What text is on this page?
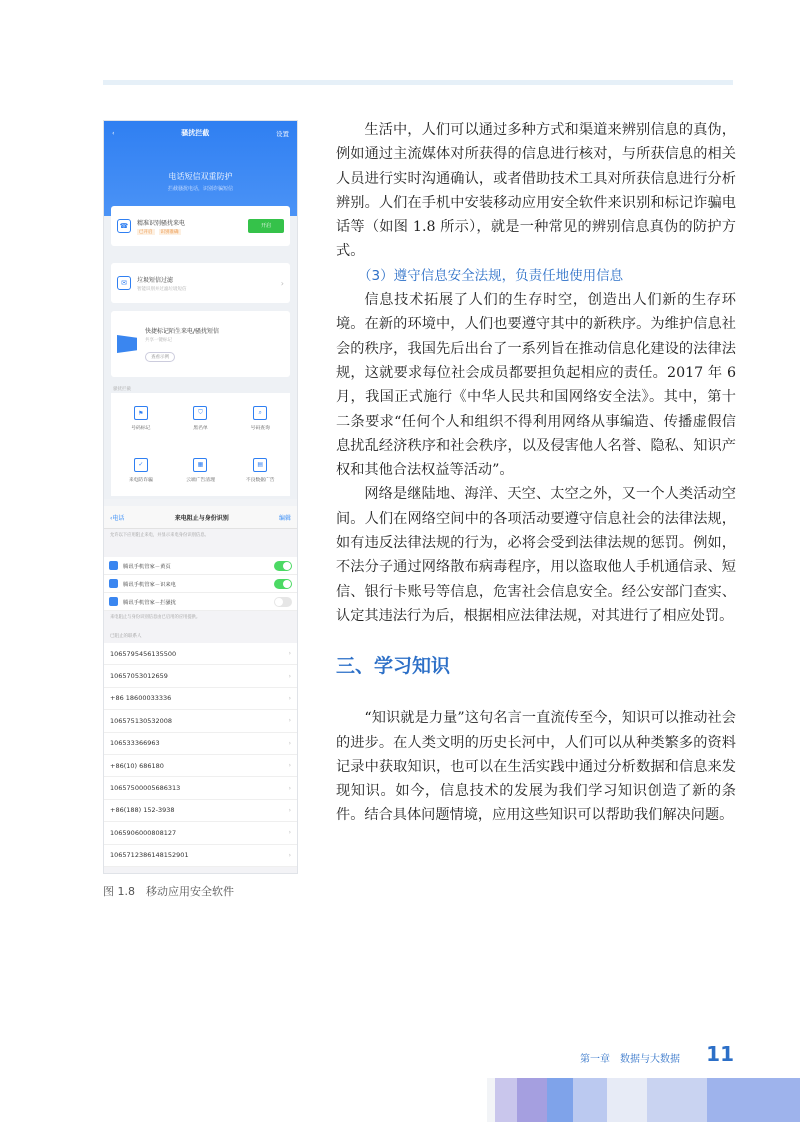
‹	骚扰拦截	设置
电话短信双重防护
拦截骚扰电话，识别诈骗短信
☎	精准识别骚扰来电
已开启	识别准确
开启
✉	垃圾短信过滤
智能识别并过滤垃圾短信
›
快捷标记陌生来电/骚扰短信
共享一键标记
查看示例
骚扰拦截
⚑
号码标记
⛉
黑名单
⌕
号码查询
✓
来电防诈骗
▦
云端广告清理
▤
不良数据广告
‹电话	来电阻止与身份识别	编辑
允许以下应用阻止来电，并显示来电身份识别信息。
腾讯手机管家－黄页
腾讯手机管家－识来电
腾讯手机管家－拦骚扰
来电阻止与身份识别信息由已启用的应用提供。
已阻止的联系人
1065795456135500	›
10657053012659	›
+86 18600033336	›
106575130532008	›
106533366963	›
+86(10) 686180	›
10657500005686313	›
+86(188) 152-3938	›
1065906000808127	›
1065712386148152901	›
图 1.8　移动应用安全软件

生活中，人们可以通过多种方式和渠道来辨别信息的真伪，例如通过主流媒体对所获得的信息进行核对，与所获信息的相关人员进行实时沟通确认，或者借助技术工具对所获信息进行分析辨别。人们在手机中安装移动应用安全软件来识别和标记诈骗电话等（如图 1.8 所示），就是一种常见的辨别信息真伪的防护方式。

（3）遵守信息安全法规，负责任地使用信息

信息技术拓展了人们的生存时空，创造出人们新的生存环境。在新的环境中，人们也要遵守其中的新秩序。为维护信息社会的秩序，我国先后出台了一系列旨在推动信息化建设的法律法规，这就要求每位社会成员都要担负起相应的责任。2017 年 6 月，我国正式施行《中华人民共和国网络安全法》。其中，第十二条要求“任何个人和组织不得利用网络从事编造、传播虚假信息扰乱经济秩序和社会秩序，以及侵害他人名誉、隐私、知识产权和其他合法权益等活动”。

网络是继陆地、海洋、天空、太空之外，又一个人类活动空间。人们在网络空间中的各项活动要遵守信息社会的法律法规，如有违反法律法规的行为，必将会受到法律法规的惩罚。例如，不法分子通过网络散布病毒程序，用以盗取他人手机通信录、短信、银行卡账号等信息，危害社会信息安全。经公安部门查实、认定其违法行为后，根据相应法律法规，对其进行了相应处罚。

三、学习知识

“知识就是力量”这句名言一直流传至今，知识可以推动社会的进步。在人类文明的历史长河中，人们可以从种类繁多的资料记录中获取知识，也可以在生活实践中通过分析数据和信息来发现知识。如今，信息技术的发展为我们学习知识创造了新的条件。结合具体问题情境，应用这些知识可以帮助我们解决问题。

第一章　数据与大数据 11
